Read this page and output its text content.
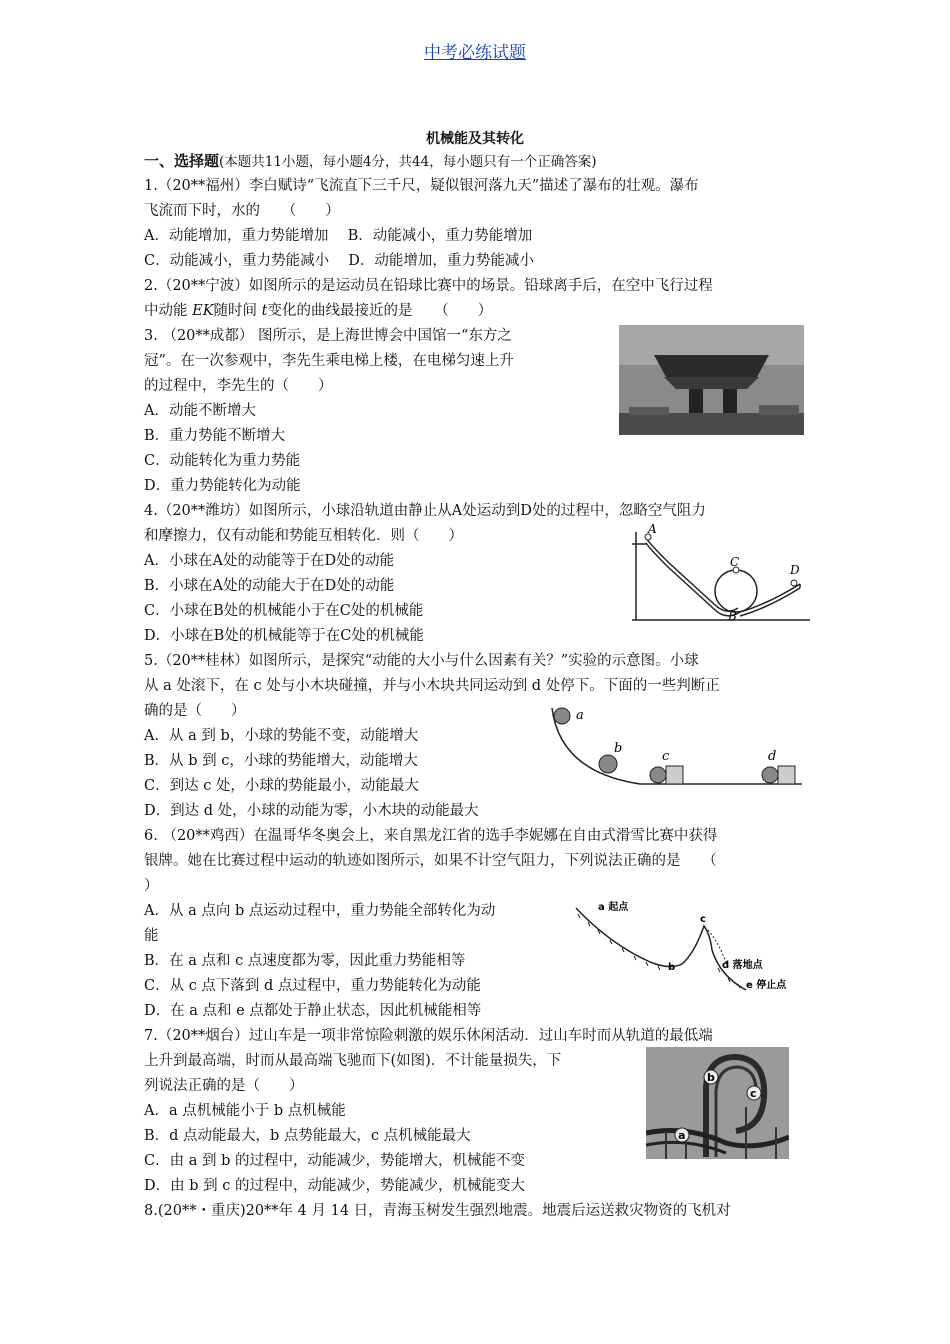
中考必练试题
机械能及其转化
一、选择题(本题共11小题，每小题4分，共44，每小题只有一个正确答案)
1.（20**福州）李白赋诗“飞流直下三千尺，疑似银河落九天”描述了瀑布的壮观。瀑布
飞流而下时，水的　　（　　）
A．动能增加，重力势能增加　 B．动能减小，重力势能增加
C．动能减小，重力势能减小　 D．动能增加，重力势能减小
2.（20**宁波）如图所示的是运动员在铅球比赛中的场景。铅球离手后，在空中飞行过程
中动能 EK随时间 t变化的曲线最接近的是　　（　　）
3. （20**成都） 图所示，是上海世博会中国馆一“东方之
冠”。在一次参观中，李先生乘电梯上楼，在电梯匀速上升
的过程中，李先生的（　　）
A．动能不断增大
B．重力势能不断增大
C．动能转化为重力势能
D．重力势能转化为动能
4.（20**潍坊）如图所示，小球沿轨道由静止从A处运动到D处的过程中，忽略空气阻力
和摩擦力，仅有动能和势能互相转化．则（　　）
A．小球在A处的动能等于在D处的动能
B．小球在A处的动能大于在D处的动能
C．小球在B处的机械能小于在C处的机械能
D．小球在B处的机械能等于在C处的机械能
5.（20**桂林）如图所示，是探究“动能的大小与什么因素有关？”实验的示意图。小球
从 a 处滚下，在 c 处与小木块碰撞，并与小木块共同运动到 d 处停下。下面的一些判断正
确的是（　　）
A．从 a 到 b，小球的势能不变，动能增大
B．从 b 到 c，小球的势能增大，动能增大
C．到达 c 处，小球的势能最小，动能最大
D．到达 d 处，小球的动能为零，小木块的动能最大
6. （20**鸡西）在温哥华冬奥会上，来自黑龙江省的选手李妮娜在自由式滑雪比赛中获得
银牌。她在比赛过程中运动的轨迹如图所示，如果不计空气阻力，下列说法正确的是　　（
）
A．从 a 点向 b 点运动过程中，重力势能全部转化为动
能
B．在 a 点和 c 点速度都为零，因此重力势能相等
C．从 c 点下落到 d 点过程中，重力势能转化为动能
D．在 a 点和 e 点都处于静止状态，因此机械能相等
7.（20**烟台）过山车是一项非常惊险刺激的娱乐休闲活动．过山车时而从轨道的最低端
上升到最高端，时而从最高端飞驰而下(如图)．不计能量损失，下
列说法正确的是（　　）
A．a 点机械能小于 b 点机械能
B．d 点动能最大，b 点势能最大，c 点机械能最大
C．由 a 到 b 的过程中，动能减少，势能增大，机械能不变
D．由 b 到 c 的过程中，动能减少，势能减少，机械能变大
8.(20**・重庆)20**年 4 月 14 日，青海玉树发生强烈地震。地震后运送救灾物资的飞机对
A
B
C
D
a
b
c	d
a 起点
b
c
d 落地点
e 停止点
b
c
a
